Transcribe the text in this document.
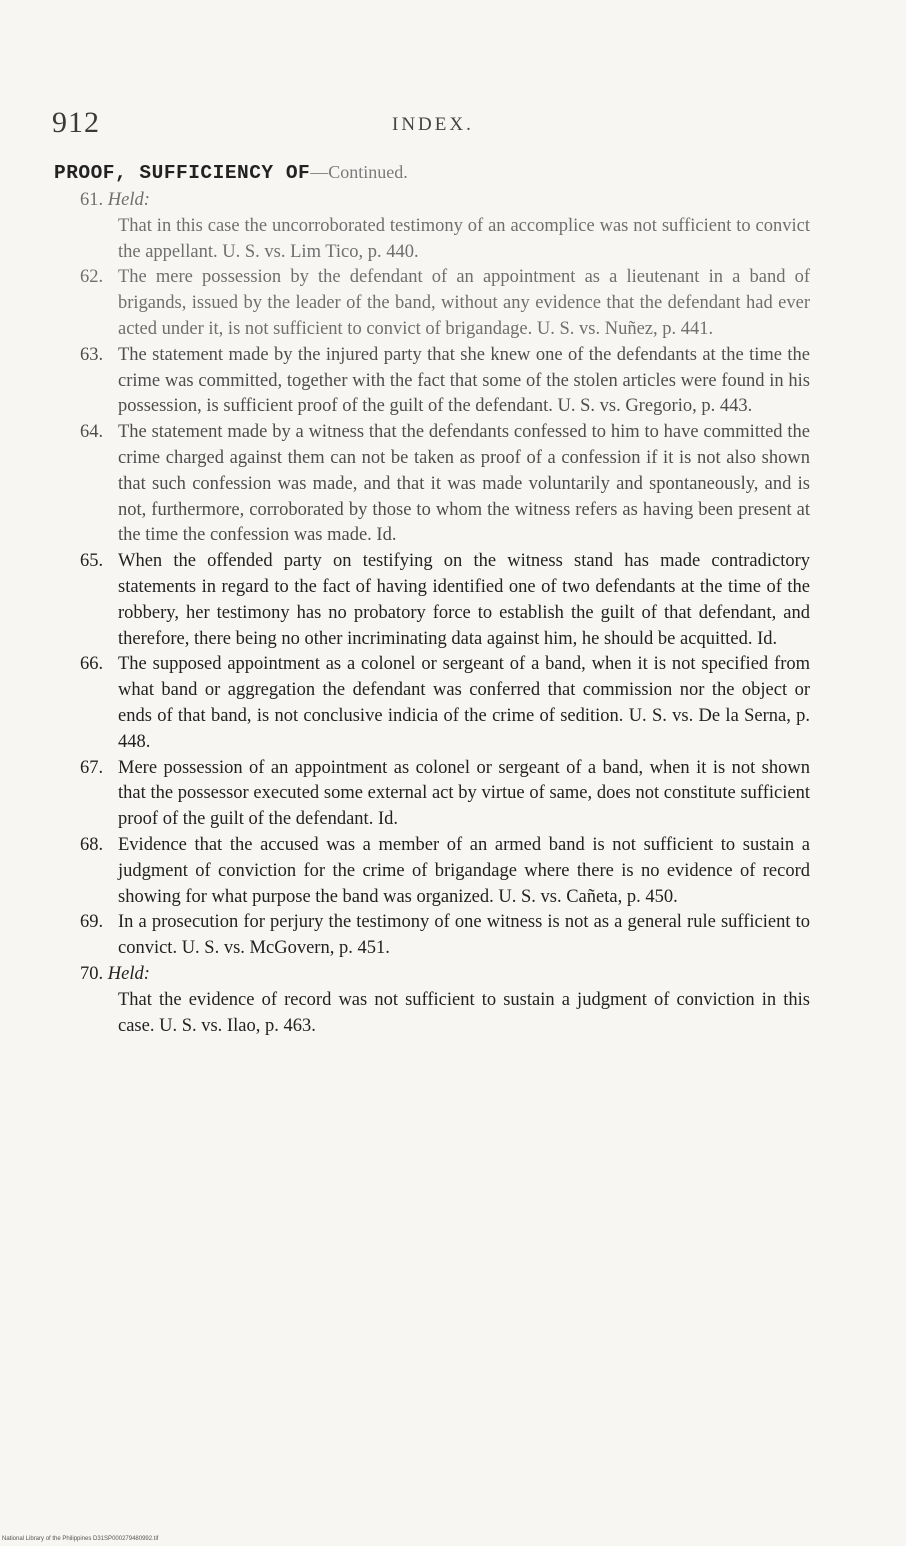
912	INDEX.
PROOF, SUFFICIENCY OF—Continued.
61. Held:
That in this case the uncorroborated testimony of an accomplice was not sufficient to convict the appellant. U. S. vs. Lim Tico, p. 440.
62. The mere possession by the defendant of an appointment as a lieutenant in a band of brigands, issued by the leader of the band, without any evidence that the defendant had ever acted under it, is not sufficient to convict of brigandage. U. S. vs. Nuñez, p. 441.
63. The statement made by the injured party that she knew one of the defendants at the time the crime was committed, together with the fact that some of the stolen articles were found in his possession, is sufficient proof of the guilt of the defendant. U. S. vs. Gregorio, p. 443.
64. The statement made by a witness that the defendants confessed to him to have committed the crime charged against them can not be taken as proof of a confession if it is not also shown that such confession was made, and that it was made voluntarily and spontaneously, and is not, furthermore, corroborated by those to whom the witness refers as having been present at the time the confession was made. Id.
65. When the offended party on testifying on the witness stand has made contradictory statements in regard to the fact of having identified one of two defendants at the time of the robbery, her testimony has no probatory force to establish the guilt of that defendant, and therefore, there being no other incriminating data against him, he should be acquitted. Id.
66. The supposed appointment as a colonel or sergeant of a band, when it is not specified from what band or aggregation the defendant was conferred that commission nor the object or ends of that band, is not conclusive indicia of the crime of sedition. U. S. vs. De la Serna, p. 448.
67. Mere possession of an appointment as colonel or sergeant of a band, when it is not shown that the possessor executed some external act by virtue of same, does not constitute sufficient proof of the guilt of the defendant. Id.
68. Evidence that the accused was a member of an armed band is not sufficient to sustain a judgment of conviction for the crime of brigandage where there is no evidence of record showing for what purpose the band was organized. U. S. vs. Cañeta, p. 450.
69. In a prosecution for perjury the testimony of one witness is not as a general rule sufficient to convict. U. S. vs. McGovern, p. 451.
70. Held:
That the evidence of record was not sufficient to sustain a judgment of conviction in this case. U. S. vs. Ilao, p. 463.
National Library of the Philippines D31SP000279480992.tif
